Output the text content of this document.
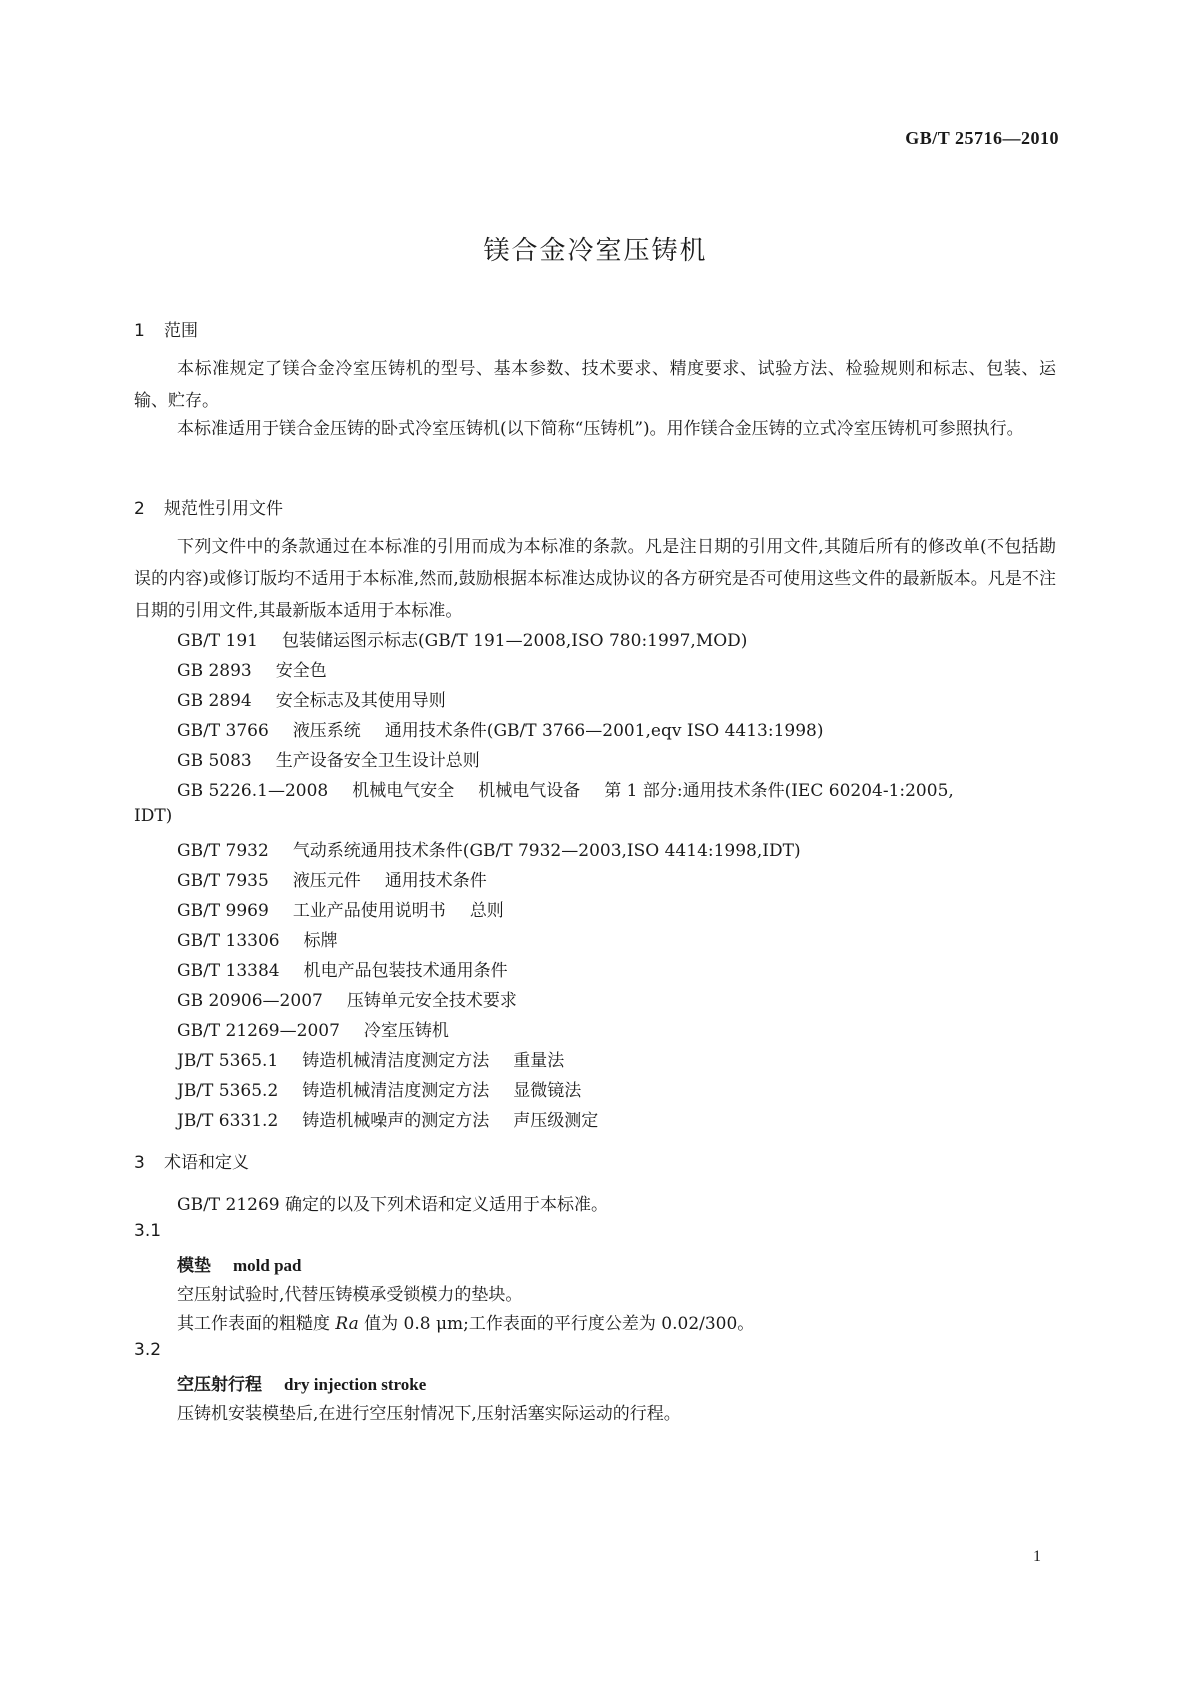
GB/T 25716—2010
镁合金冷室压铸机
1 范围
本标准规定了镁合金冷室压铸机的型号、基本参数、技术要求、精度要求、试验方法、检验规则和标志、包装、运输、贮存。
本标准适用于镁合金压铸的卧式冷室压铸机(以下简称“压铸机”)。用作镁合金压铸的立式冷室压铸机可参照执行。
2 规范性引用文件
下列文件中的条款通过在本标准的引用而成为本标准的条款。凡是注日期的引用文件,其随后所有的修改单(不包括勘误的内容)或修订版均不适用于本标准,然而,鼓励根据本标准达成协议的各方研究是否可使用这些文件的最新版本。凡是不注日期的引用文件,其最新版本适用于本标准。
GB/T 191 包装储运图示标志(GB/T 191—2008,ISO 780:1997,MOD)
GB 2893 安全色
GB 2894 安全标志及其使用导则
GB/T 3766 液压系统 通用技术条件(GB/T 3766—2001,eqv ISO 4413:1998)
GB 5083 生产设备安全卫生设计总则
GB 5226.1—2008 机械电气安全 机械电气设备 第 1 部分:通用技术条件(IEC 60204-1:2005,
IDT)
GB/T 7932 气动系统通用技术条件(GB/T 7932—2003,ISO 4414:1998,IDT)
GB/T 7935 液压元件 通用技术条件
GB/T 9969 工业产品使用说明书 总则
GB/T 13306 标牌
GB/T 13384 机电产品包装技术通用条件
GB 20906—2007 压铸单元安全技术要求
GB/T 21269—2007 冷室压铸机
JB/T 5365.1 铸造机械清洁度测定方法 重量法
JB/T 5365.2 铸造机械清洁度测定方法 显微镜法
JB/T 6331.2 铸造机械噪声的测定方法 声压级测定
3 术语和定义
GB/T 21269 确定的以及下列术语和定义适用于本标准。
3.1
模垫 mold pad
空压射试验时,代替压铸模承受锁模力的垫块。
其工作表面的粗糙度 Ra 值为 0.8 μm;工作表面的平行度公差为 0.02/300。
3.2
空压射行程 dry injection stroke
压铸机安装模垫后,在进行空压射情况下,压射活塞实际运动的行程。
1
